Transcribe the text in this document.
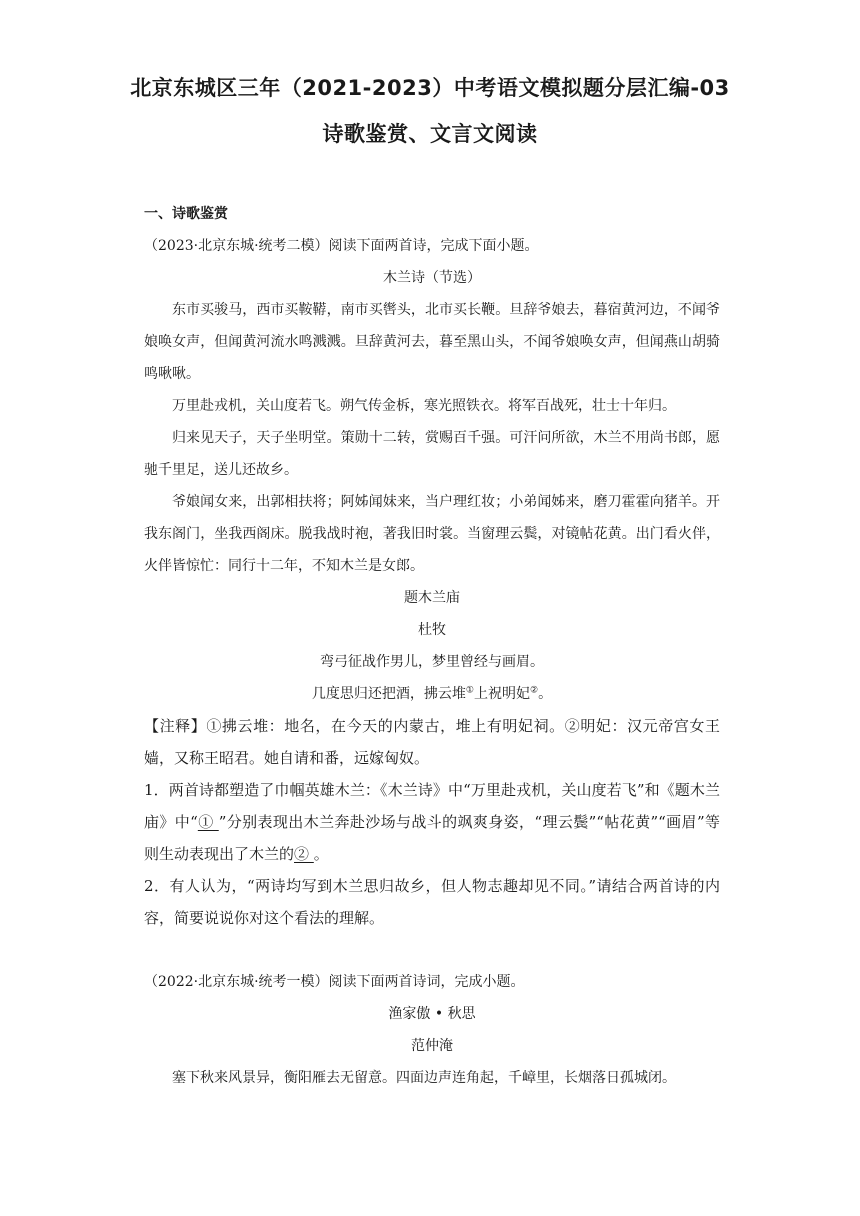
北京东城区三年（2021-2023）中考语文模拟题分层汇编-03
诗歌鉴赏、文言文阅读

一、诗歌鉴赏

（2023·北京东城·统考二模）阅读下面两首诗，完成下面小题。

木兰诗（节选）

东市买骏马，西市买鞍鞯，南市买辔头，北市买长鞭。旦辞爷娘去，暮宿黄河边，不闻爷娘唤女声，但闻黄河流水鸣溅溅。旦辞黄河去，暮至黑山头，不闻爷娘唤女声，但闻燕山胡骑鸣啾啾。

万里赴戎机，关山度若飞。朔气传金柝，寒光照铁衣。将军百战死，壮士十年归。

归来见天子，天子坐明堂。策勋十二转，赏赐百千强。可汗问所欲，木兰不用尚书郎，愿驰千里足，送儿还故乡。

爷娘闻女来，出郭相扶将；阿姊闻妹来，当户理红妆；小弟闻姊来，磨刀霍霍向猪羊。开我东阁门，坐我西阁床。脱我战时袍，著我旧时裳。当窗理云鬓，对镜帖花黄。出门看火伴，火伴皆惊忙：同行十二年，不知木兰是女郎。

题木兰庙

杜牧

弯弓征战作男儿，梦里曾经与画眉。

几度思归还把酒，拂云堆①上祝明妃②。

【注释】①拂云堆：地名，在今天的内蒙古，堆上有明妃祠。②明妃：汉元帝宫女王嫱，又称王昭君。她自请和番，远嫁匈奴。

1．两首诗都塑造了巾帼英雄木兰：《木兰诗》中“万里赴戎机，关山度若飞”和《题木兰庙》中“① ”分别表现出木兰奔赴沙场与战斗的飒爽身姿，“理云鬓”“帖花黄”“画眉”等则生动表现出了木兰的② 。

2．有人认为，“两诗均写到木兰思归故乡，但人物志趣却见不同。”请结合两首诗的内容，简要说说你对这个看法的理解。

（2022·北京东城·统考一模）阅读下面两首诗词，完成小题。

渔家傲 • 秋思

范仲淹

塞下秋来风景异，衡阳雁去无留意。四面边声连角起，千嶂里，长烟落日孤城闭。
